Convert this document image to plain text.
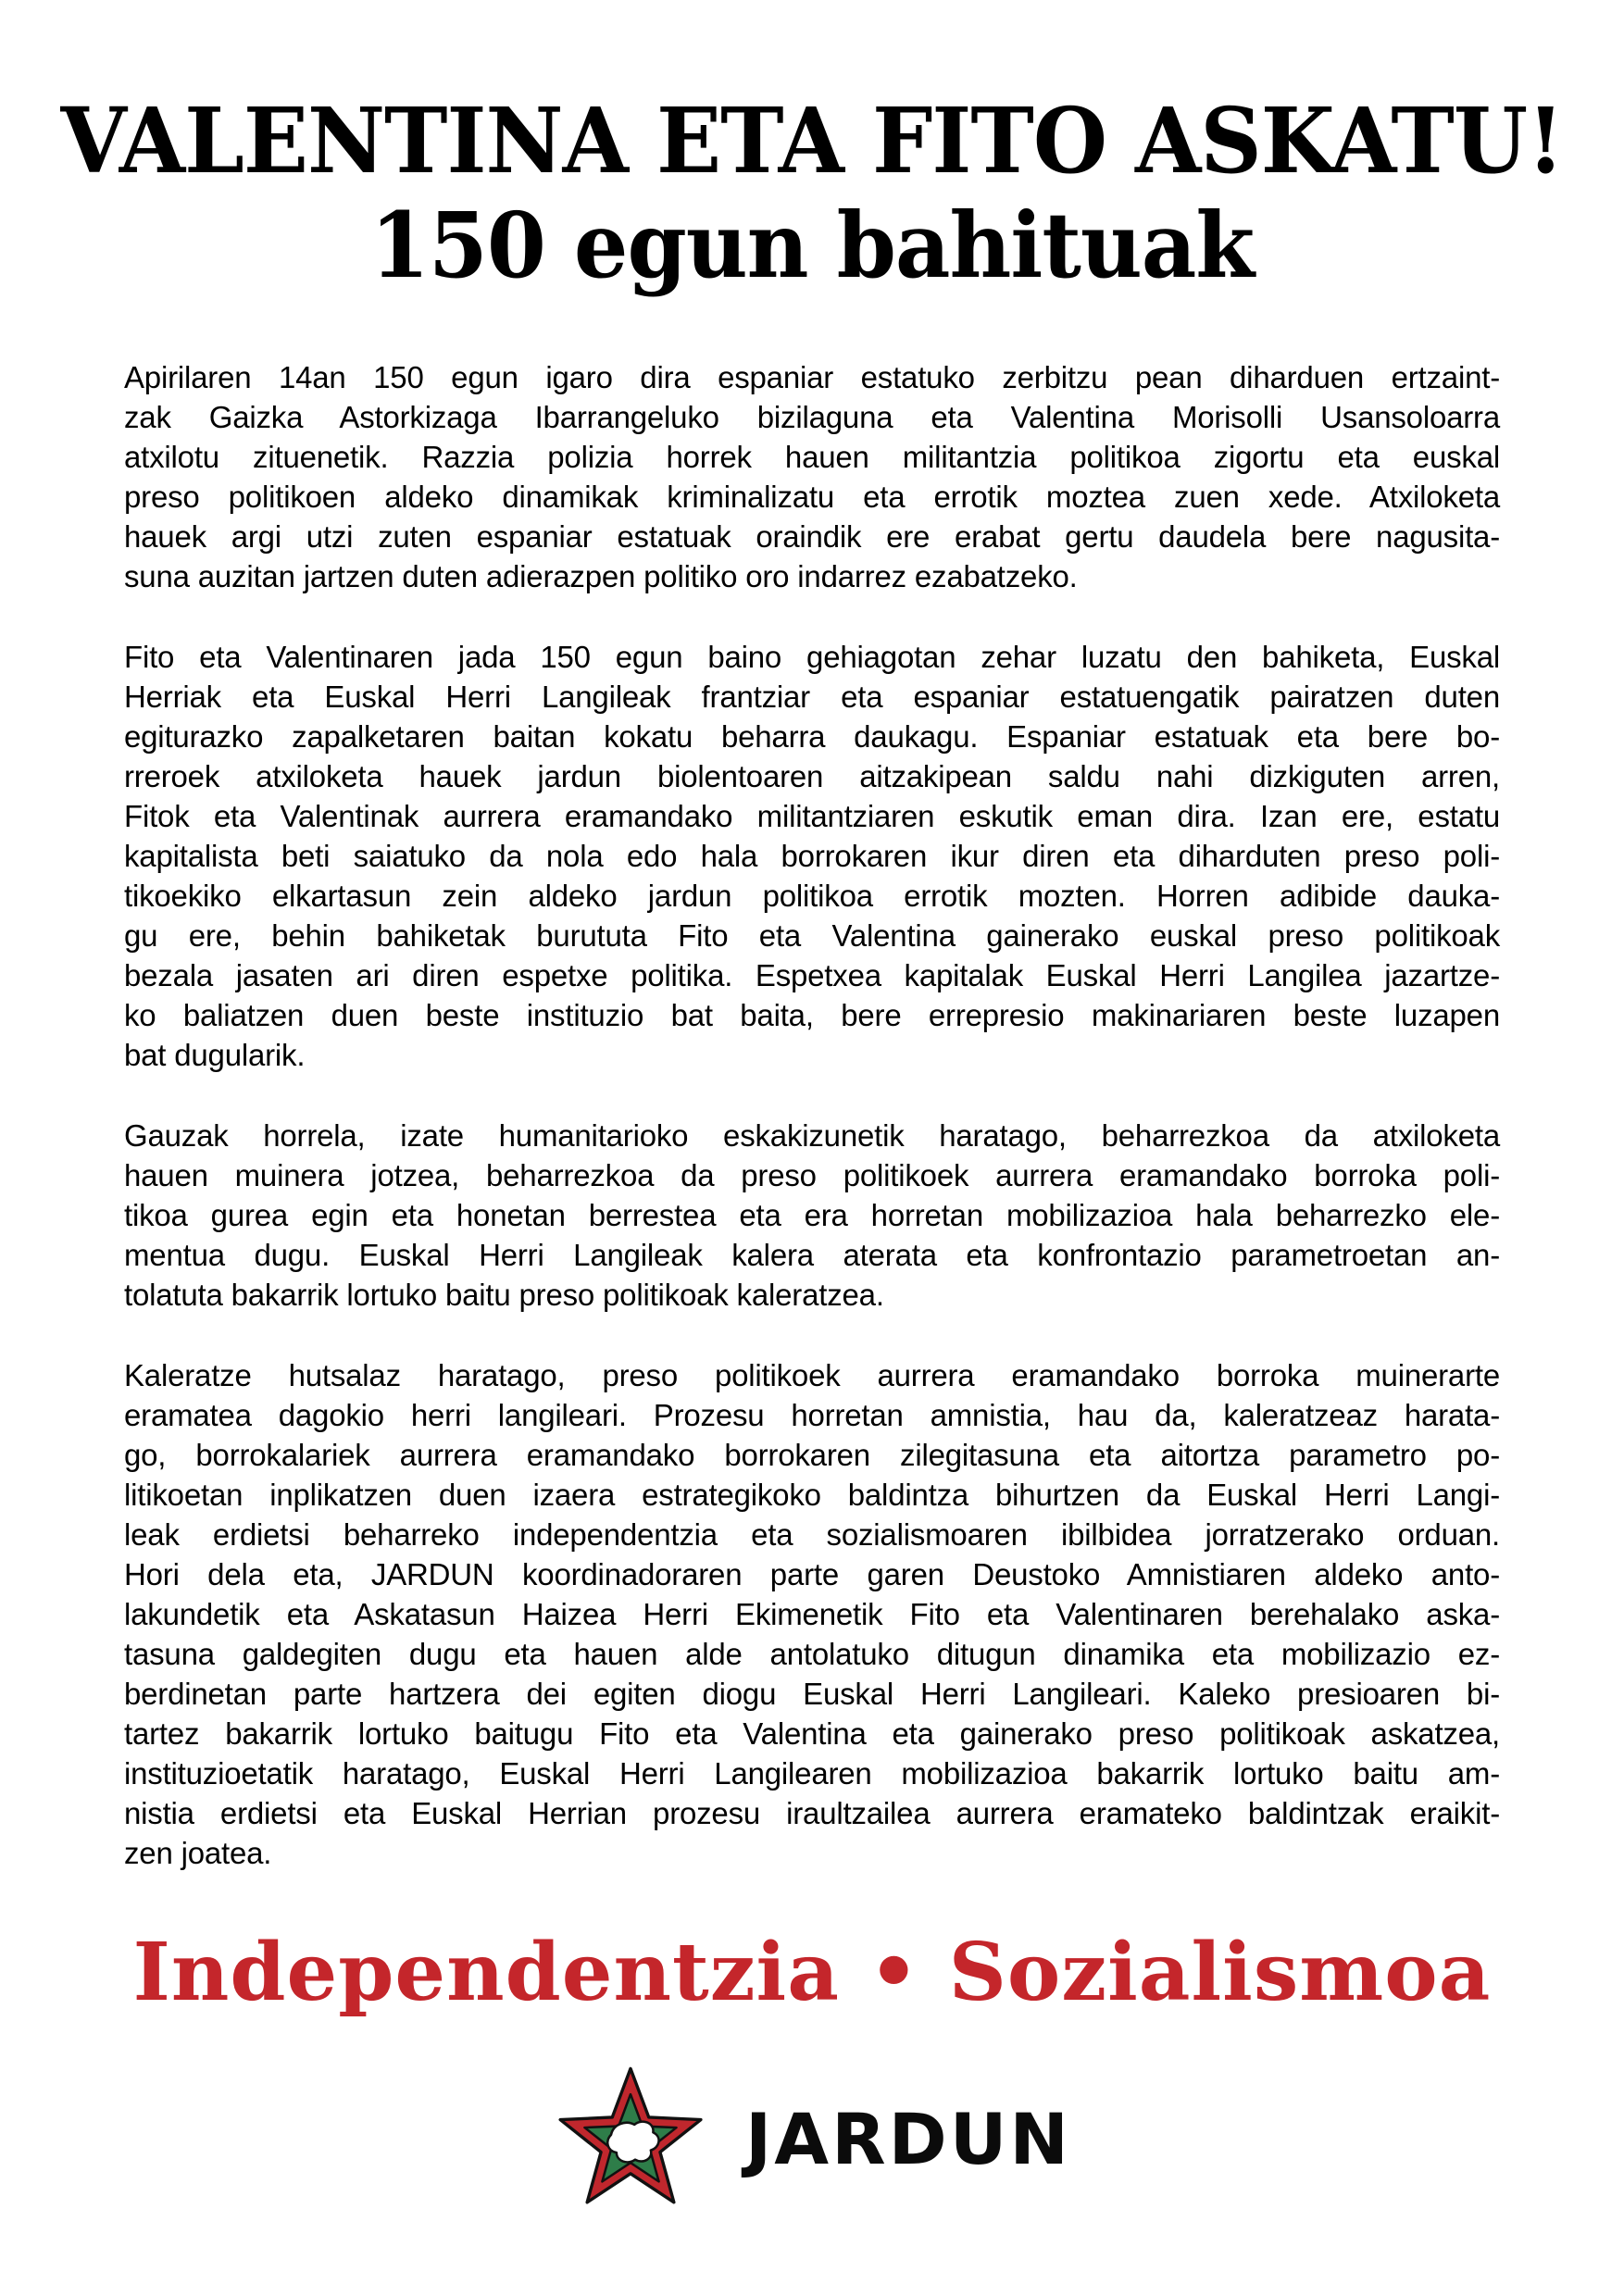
VALENTINA ETA FITO ASKATU!
150 egun bahituak
Apirilaren 14an 150 egun igaro dira espaniar estatuko zerbitzu pean diharduen ertzaint-
zak Gaizka Astorkizaga Ibarrangeluko bizilaguna eta Valentina Morisolli Usansoloarra
atxilotu zituenetik. Razzia polizia horrek hauen militantzia politikoa zigortu eta euskal
preso politikoen aldeko dinamikak kriminalizatu eta errotik moztea zuen xede. Atxiloketa
hauek argi utzi zuten espaniar estatuak oraindik ere erabat gertu daudela bere nagusita-
suna auzitan jartzen duten adierazpen politiko oro indarrez ezabatzeko.
Fito eta Valentinaren jada 150 egun baino gehiagotan zehar luzatu den bahiketa, Euskal
Herriak eta Euskal Herri Langileak frantziar eta espaniar estatuengatik pairatzen duten
egiturazko zapalketaren baitan kokatu beharra daukagu. Espaniar estatuak eta bere bo-
rreroek atxiloketa hauek jardun biolentoaren aitzakipean saldu nahi dizkiguten arren,
Fitok eta Valentinak aurrera eramandako militantziaren eskutik eman dira. Izan ere, estatu
kapitalista beti saiatuko da nola edo hala borrokaren ikur diren eta diharduten preso poli-
tikoekiko elkartasun zein aldeko jardun politikoa errotik mozten. Horren adibide dauka-
gu ere, behin bahiketak burututa Fito eta Valentina gainerako euskal preso politikoak
bezala jasaten ari diren espetxe politika. Espetxea kapitalak Euskal Herri Langilea jazartze-
ko baliatzen duen beste instituzio bat baita, bere errepresio makinariaren beste luzapen
bat dugularik.
Gauzak horrela, izate humanitarioko eskakizunetik haratago, beharrezkoa da atxiloketa
hauen muinera jotzea, beharrezkoa da preso politikoek aurrera eramandako borroka poli-
tikoa gurea egin eta honetan berrestea eta era horretan mobilizazioa hala beharrezko ele-
mentua dugu. Euskal Herri Langileak kalera aterata eta konfrontazio parametroetan an-
tolatuta bakarrik lortuko baitu preso politikoak kaleratzea.
Kaleratze hutsalaz haratago, preso politikoek aurrera eramandako borroka muinerarte
eramatea dagokio herri langileari. Prozesu horretan amnistia, hau da, kaleratzeaz harata-
go, borrokalariek aurrera eramandako borrokaren zilegitasuna eta aitortza parametro po-
litikoetan inplikatzen duen izaera estrategikoko baldintza bihurtzen da Euskal Herri Langi-
leak erdietsi beharreko independentzia eta sozialismoaren ibilbidea jorratzerako orduan.
Hori dela eta, JARDUN koordinadoraren parte garen Deustoko Amnistiaren aldeko anto-
lakundetik eta Askatasun Haizea Herri Ekimenetik Fito eta Valentinaren berehalako aska-
tasuna galdegiten dugu eta hauen alde antolatuko ditugun dinamika eta mobilizazio ez-
berdinetan parte hartzera dei egiten diogu Euskal Herri Langileari. Kaleko presioaren bi-
tartez bakarrik lortuko baitugu Fito eta Valentina eta gainerako preso politikoak askatzea,
instituzioetatik haratago, Euskal Herri Langilearen mobilizazioa bakarrik lortuko baitu am-
nistia erdietsi eta Euskal Herrian prozesu iraultzailea aurrera eramateko baldintzak eraikit-
zen joatea.
Independentzia • Sozialismoa
JARDUN
